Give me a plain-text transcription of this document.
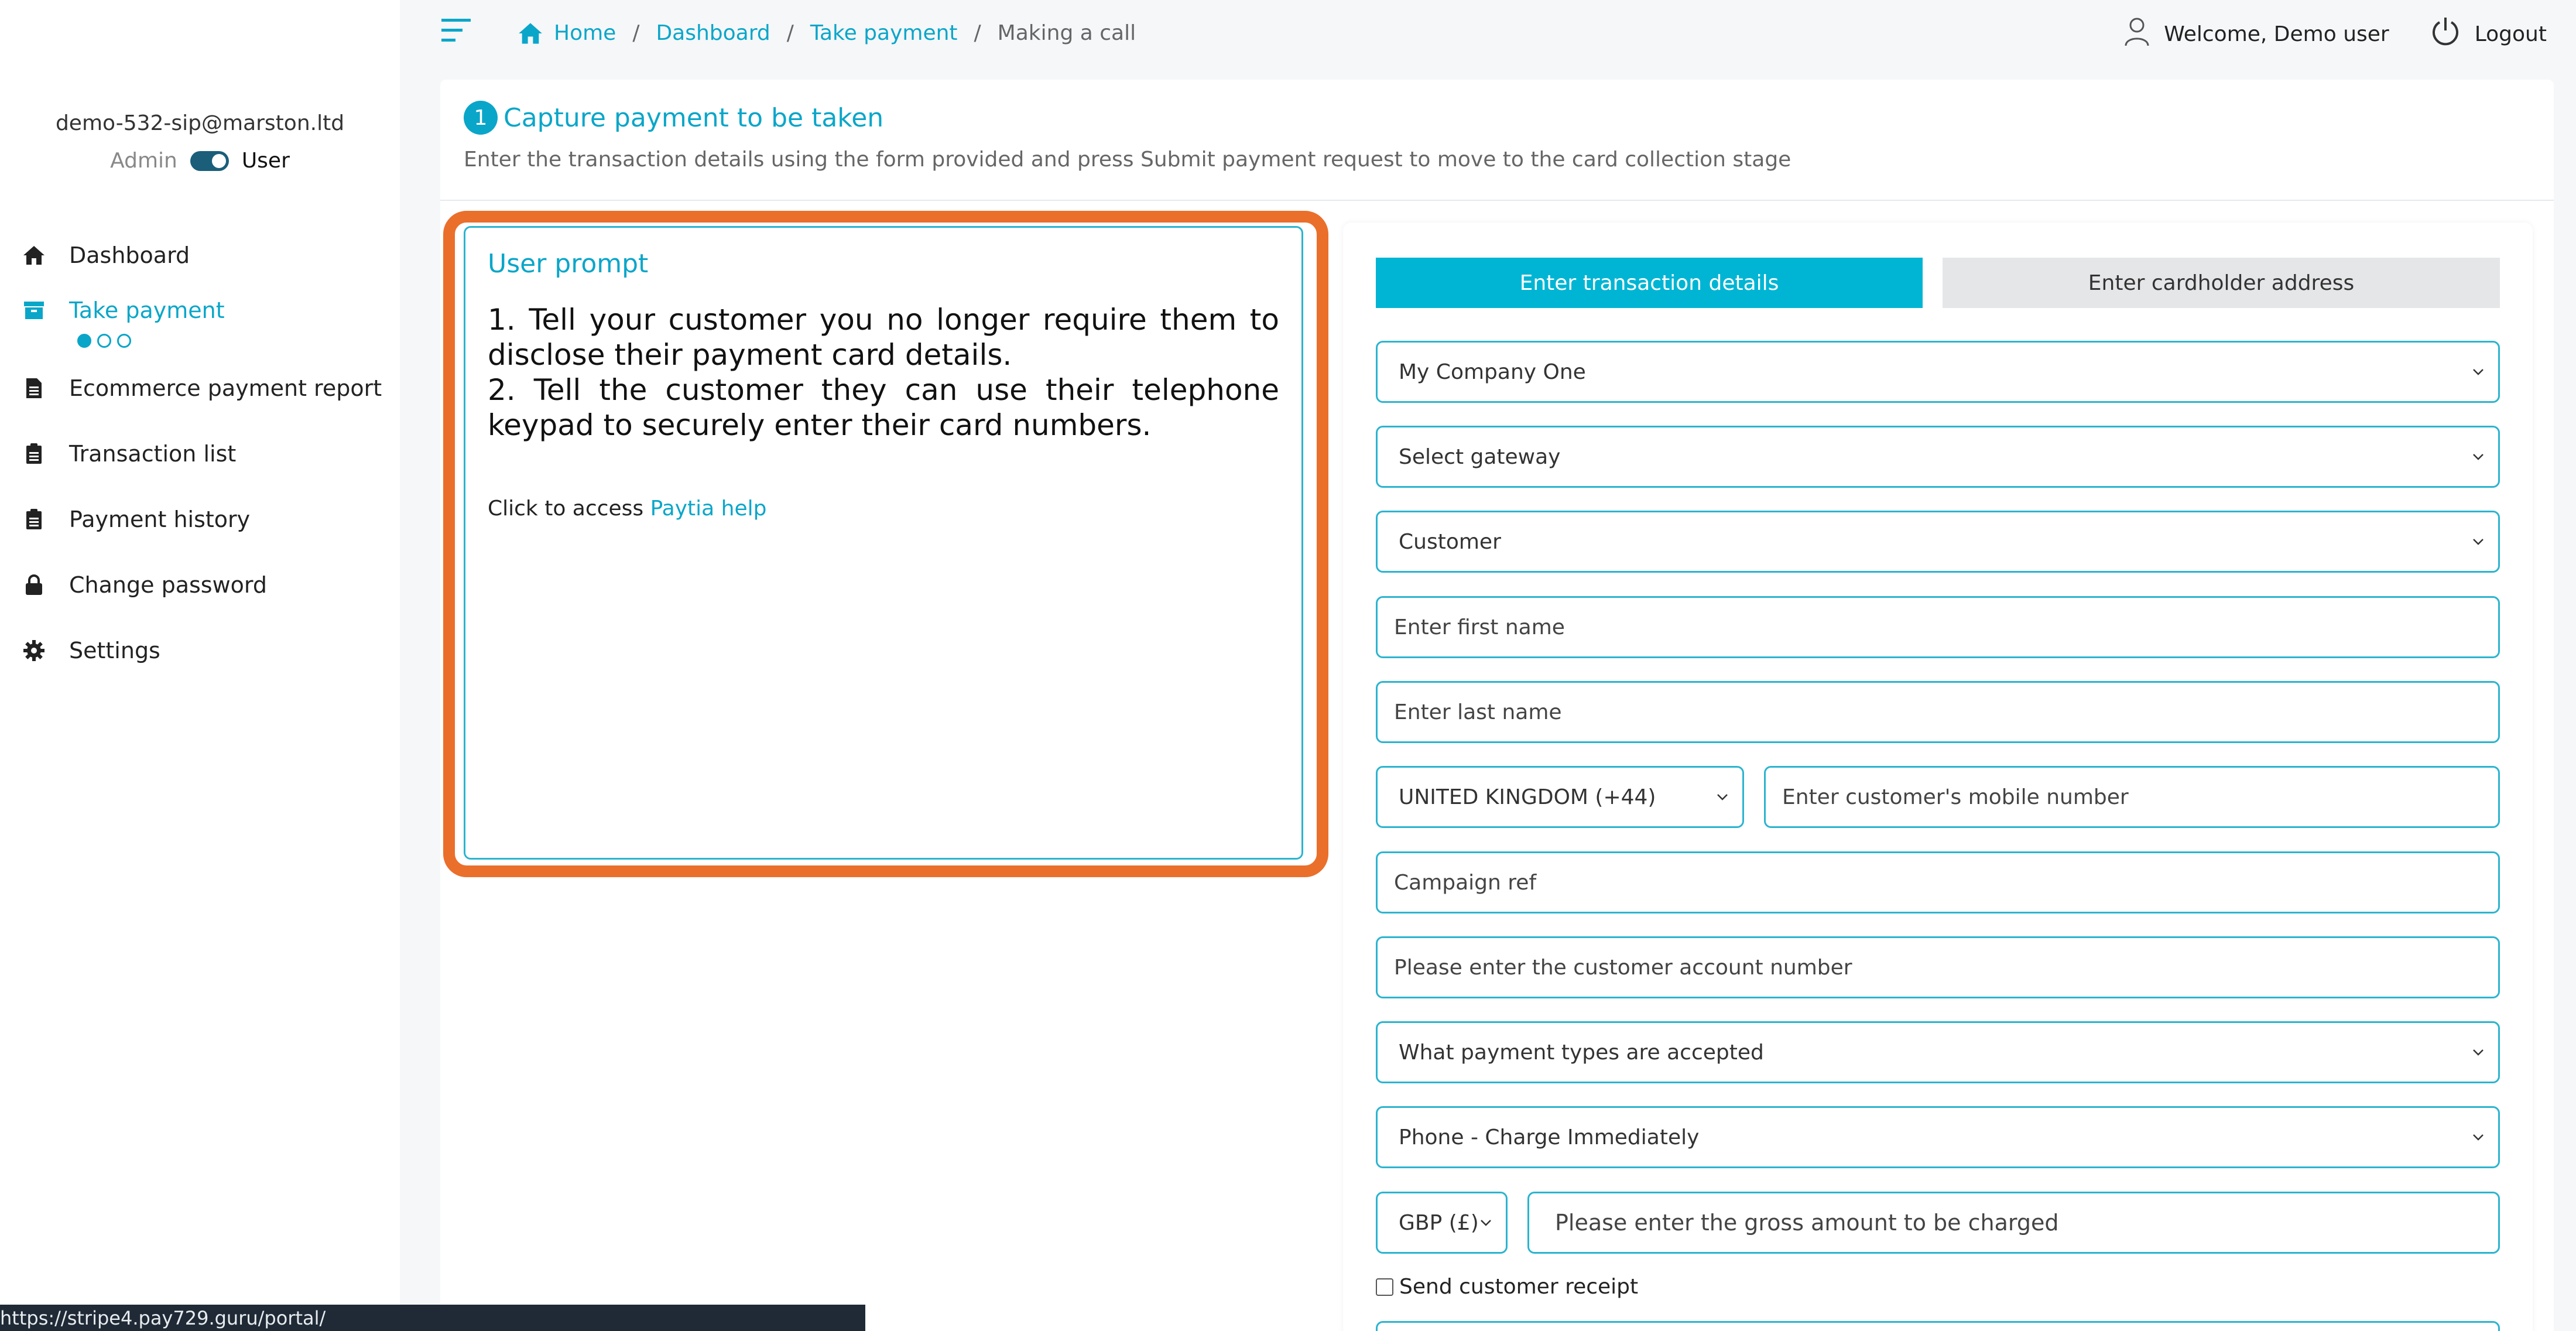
demo-532-sip@marston.ltd
Admin	User
Dashboard
Take payment
Ecommerce payment report
Transaction list
Payment history
Change password
Settings
Home / Dashboard / Take payment / Making a call	Welcome, Demo user	Logout
1 Capture payment to be taken
Enter the transaction details using the form provided and press Submit payment request to move to the card collection stage
User prompt
1. Tell your customer you no longer require them to disclose their payment card details.
2. Tell the customer they can use their telephone keypad to securely enter their card numbers.
Click to access Paytia help
Enter transaction details	Enter cardholder address
My Company One
Select gateway
Customer
Enter first name
Enter last name
UNITED KINGDOM (+44)	Enter customer's mobile number
Campaign ref
Please enter the customer account number
What payment types are accepted
Phone - Charge Immediately
GBP (£)	Please enter the gross amount to be charged
Send customer receipt
https://stripe4.pay729.guru/portal/
